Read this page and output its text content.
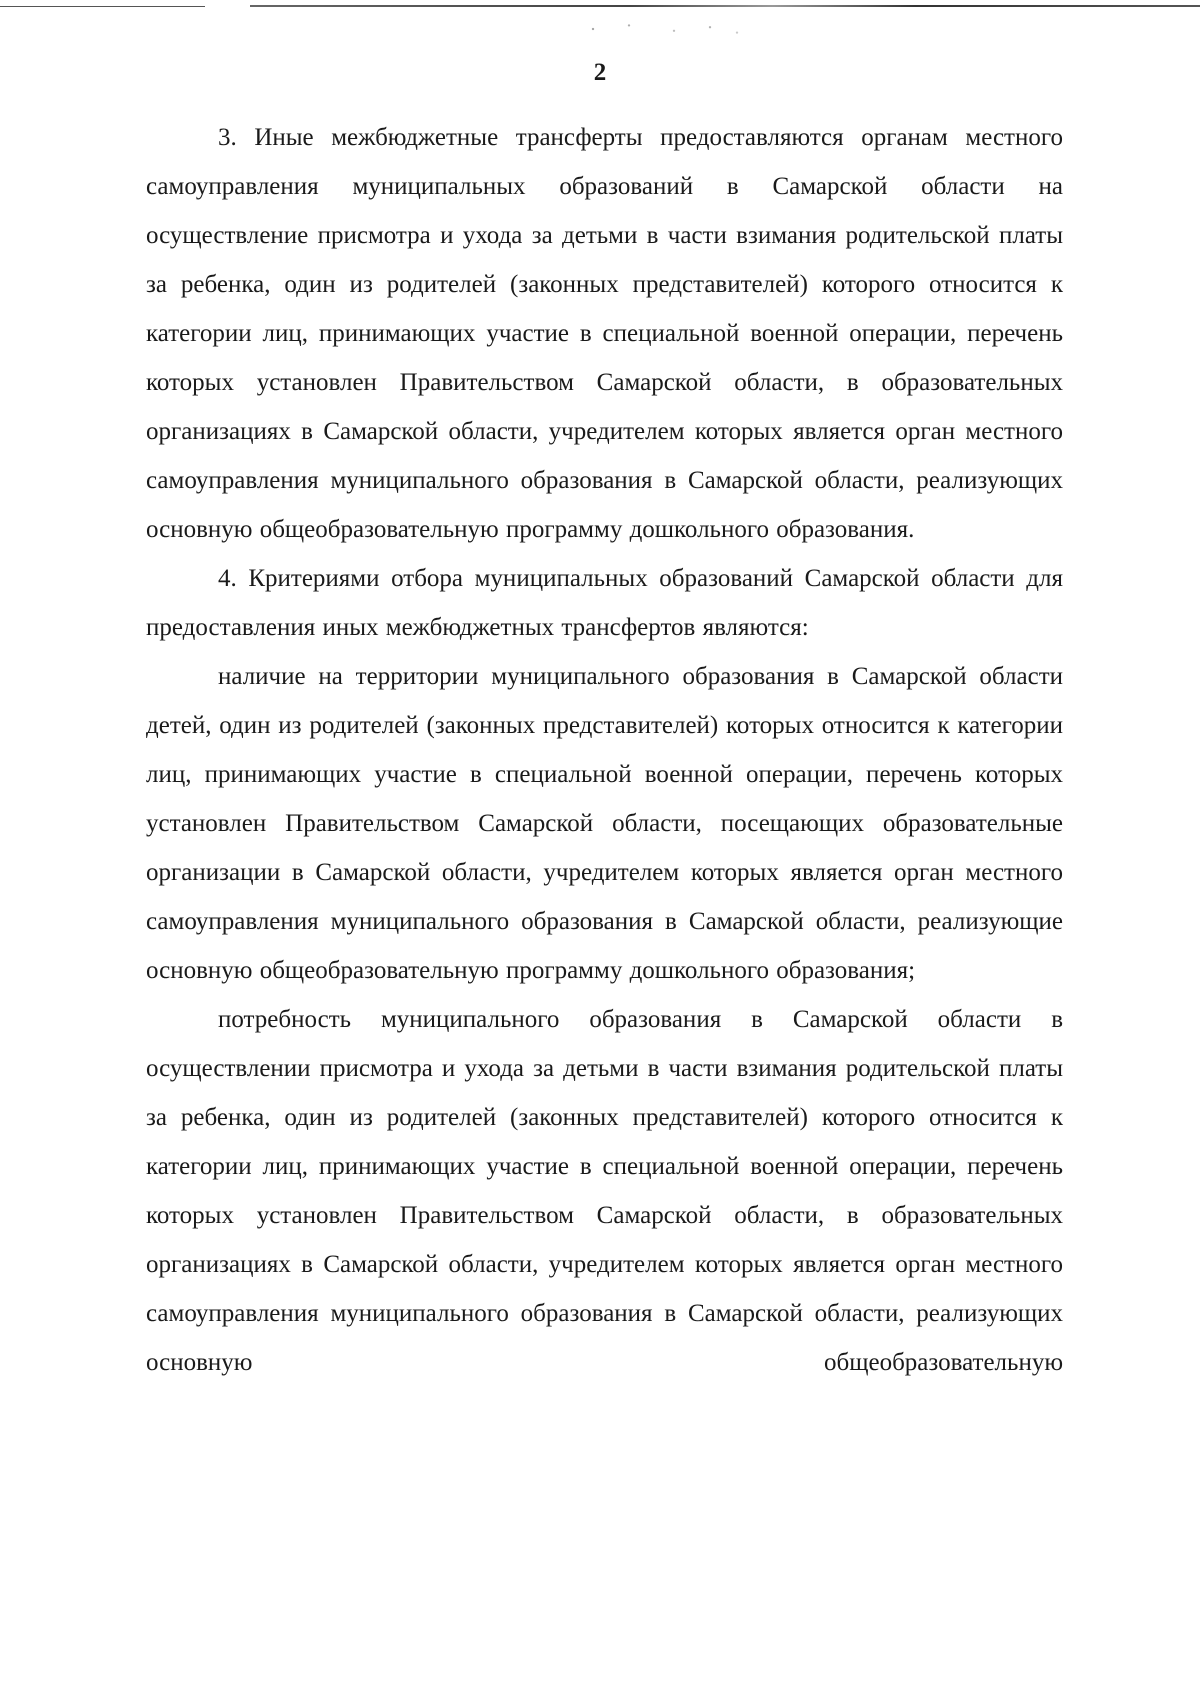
2

3. Иные межбюджетные трансферты предоставляются органам местного самоуправления муниципальных образований в Самарской области на осуществление присмотра и ухода за детьми в части взимания родительской платы за ребенка, один из родителей (законных представителей) которого относится к категории лиц, принимающих участие в специальной военной операции, перечень которых установлен Правительством Самарской области, в образовательных организациях в Самарской области, учредителем которых является орган местного самоуправления муниципального образования в Самарской области, реализующих основную общеобразовательную программу дошкольного образования.

4. Критериями отбора муниципальных образований Самарской области для предоставления иных межбюджетных трансфертов являются:

наличие на территории муниципального образования в Самарской области детей, один из родителей (законных представителей) которых относится к категории лиц, принимающих участие в специальной военной операции, перечень которых установлен Правительством Самарской области, посещающих образовательные организации в Самарской области, учредителем которых является орган местного самоуправления муниципального образования в Самарской области, реализующие основную общеобразовательную программу дошкольного образования;

потребность муниципального образования в Самарской области в осуществлении присмотра и ухода за детьми в части взимания родительской платы за ребенка, один из родителей (законных представителей) которого относится к категории лиц, принимающих участие в специальной военной операции, перечень которых установлен Правительством Самарской области, в образовательных организациях в Самарской области, учредителем которых является орган местного самоуправления муниципального образования в Самарской области, реализующих основную общеобразовательную
